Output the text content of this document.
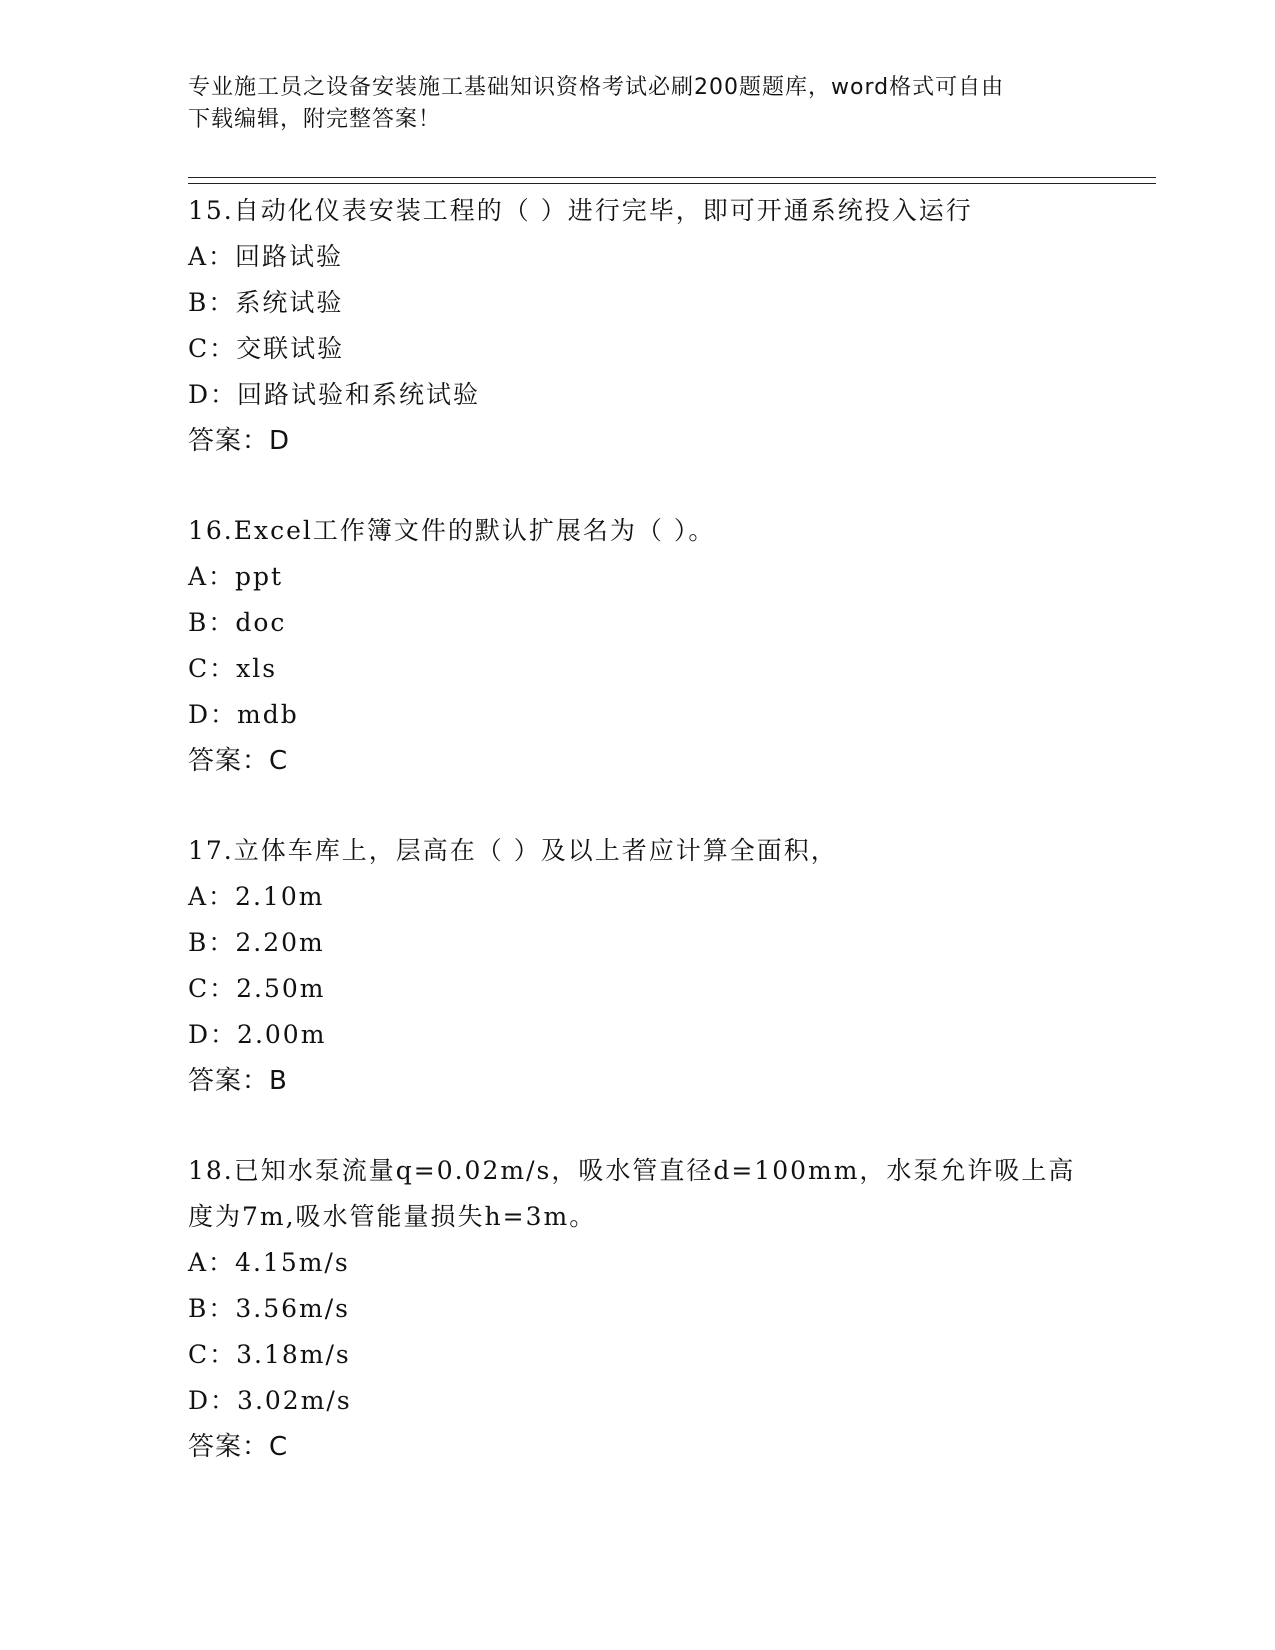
专业施工员之设备安装施工基础知识资格考试必刷200题题库，word格式可自由
下载编辑，附完整答案！

15.自动化仪表安装工程的（ ）进行完毕，即可开通系统投入运行

A：回路试验

B：系统试验

C：交联试验

D：回路试验和系统试验

答案：D

16.Excel工作簿文件的默认扩展名为（ ）。

A：ppt

B：doc

C：xls

D：mdb

答案：C

17.立体车库上，层高在（ ）及以上者应计算全面积，

A：2.10m

B：2.20m

C：2.50m

D：2.00m

答案：B

18.已知水泵流量q=0.02m/s，吸水管直径d=100mm，水泵允许吸上高度为7m,吸水管能量损失h=3m。

A：4.15m/s

B：3.56m/s

C：3.18m/s

D：3.02m/s

答案：C
